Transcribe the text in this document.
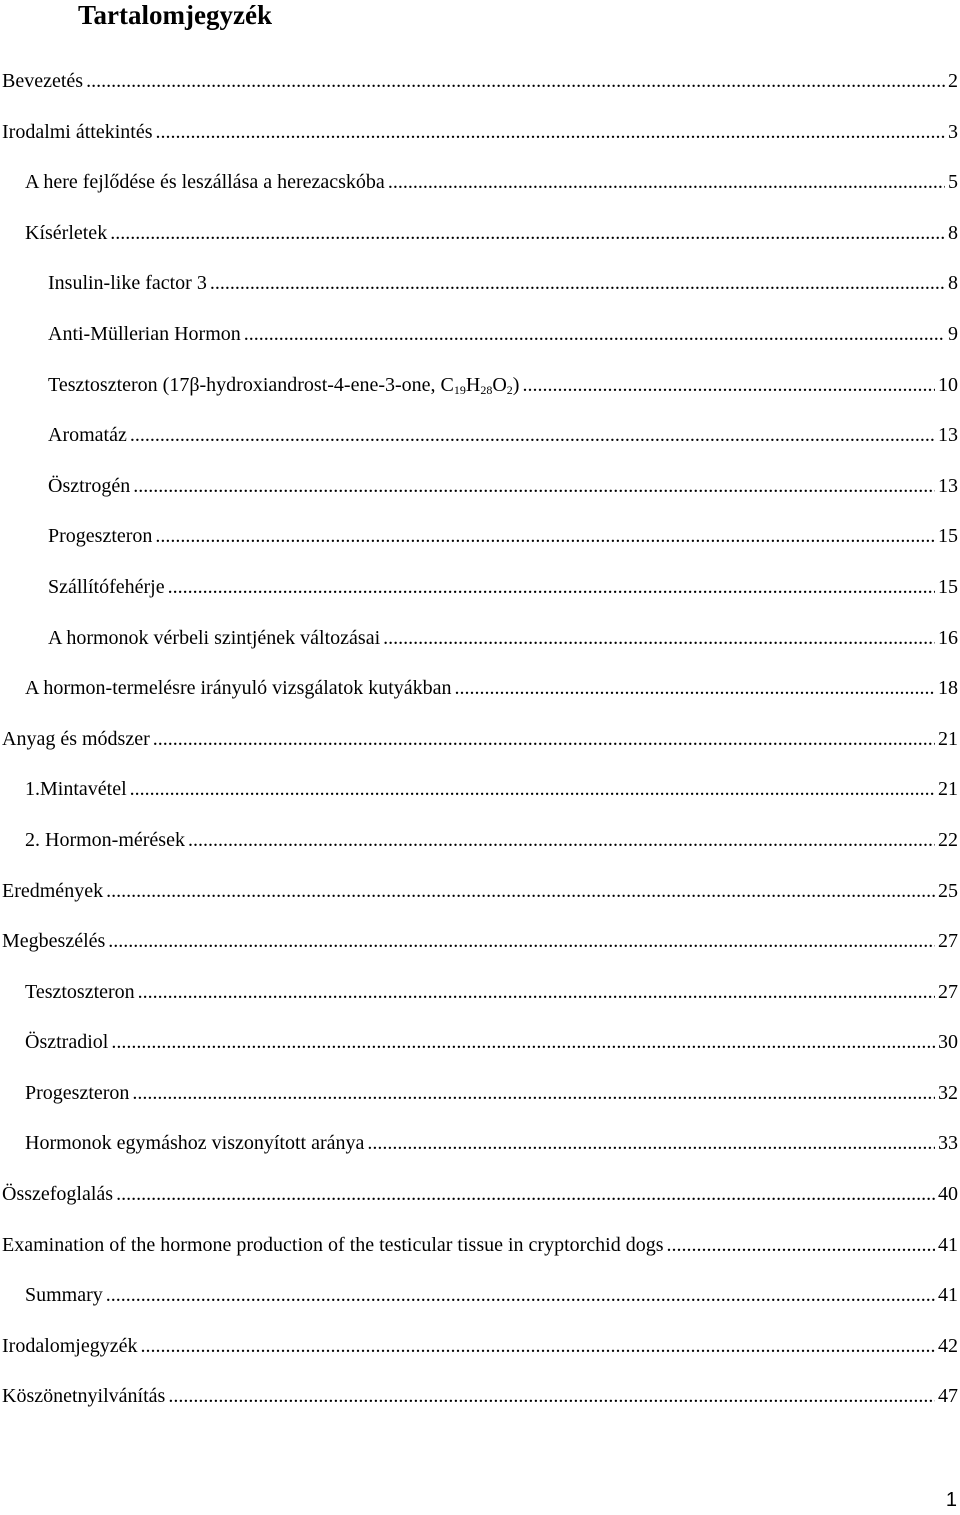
Tartalomjegyzék
Bevezetés .....	2
Irodalmi áttekintés .....	3
A here fejlődése és leszállása a herezacskóba .....	5
Kísérletek .....	8
Insulin-like factor 3 .....	8
Anti-Müllerian Hormon .....	9
Tesztoszteron (17β-hydroxiandrost-4-ene-3-one, $C_{19}H_{28}O_2$) .....	10
Aromatáz .....	13
Ösztrogén .....	13
Progeszteron .....	15
Szállítófehérje .....	15
A hormonok vérbeli szintjének változásai .....	16
A hormon-termelésre irányuló vizsgálatok kutyákban .....	18
Anyag és módszer .....	21
1.Mintavétel .....	21
2. Hormon-mérések .....	22
Eredmények .....	25
Megbeszélés .....	27
Tesztoszteron .....	27
Ösztradiol .....	30
Progeszteron .....	32
Hormonok egymáshoz viszonyított aránya .....	33
Összefoglalás .....	40
Examination of the hormone production of the testicular tissue in cryptorchid dogs .....	41
Summary .....	41
Irodalomjegyzék .....	42
Köszönetnyilvánítás .....	47
1
